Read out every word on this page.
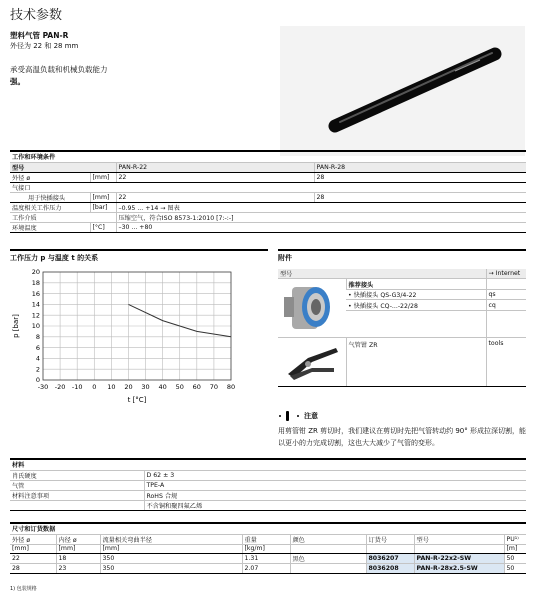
技术参数
塑料气管 PAN-R
外径为 22 和 28 mm
承受高温负载和机械负载能力
强。
工作和环境条件			
型号		PAN-R-22	PAN-R-28
外径 ø	[mm]	22	28
气接口			
用于快插接头	[mm]	22	28
温度相关工作压力	[bar]	–0.95 ... +14 → 图表	
工作介质		压缩空气，符合ISO 8573-1:2010 [7:-:-]	
环境温度	[°C]	–30 ... +80	
工作压力 p 与温度 t 的关系
-30 -20 -10 0 10 20 30 40 50 60 70 80
0
2
4
6
8
10
12
14
16
18
20
t [°C]
p [bar]
附件
型号		→ Internet
	推荐接头	
	• 快插接头 QS-G3/4-22	qs
	• 快插接头 CQ-...-22/28	cq

	气管钳 ZR	tools
注意
用剪管钳 ZR 剪切时，我们建议在剪切时先把气管转动约 90° 形成拉深切割，能以更小的力完成切割，这也大大减少了气管的变形。
材料	
肖氏硬度	D 62 ± 3
气管	TPE-A
材料注意事项	RoHS 合规
	不含铜和聚四氟乙烯
尺寸和订货数据							
外径 ø	内径 ø	流量相关弯曲半径	重量	颜色	订货号	型号	PU¹⁾
[mm]	[mm]	[mm]	[kg/m]				[m]
22	18	350	1.31	黑色	8036207	PAN-R-22x2-SW	50
28	23	350	2.07		8036208	PAN-R-28x2.5-SW	50
1) 包装规格
